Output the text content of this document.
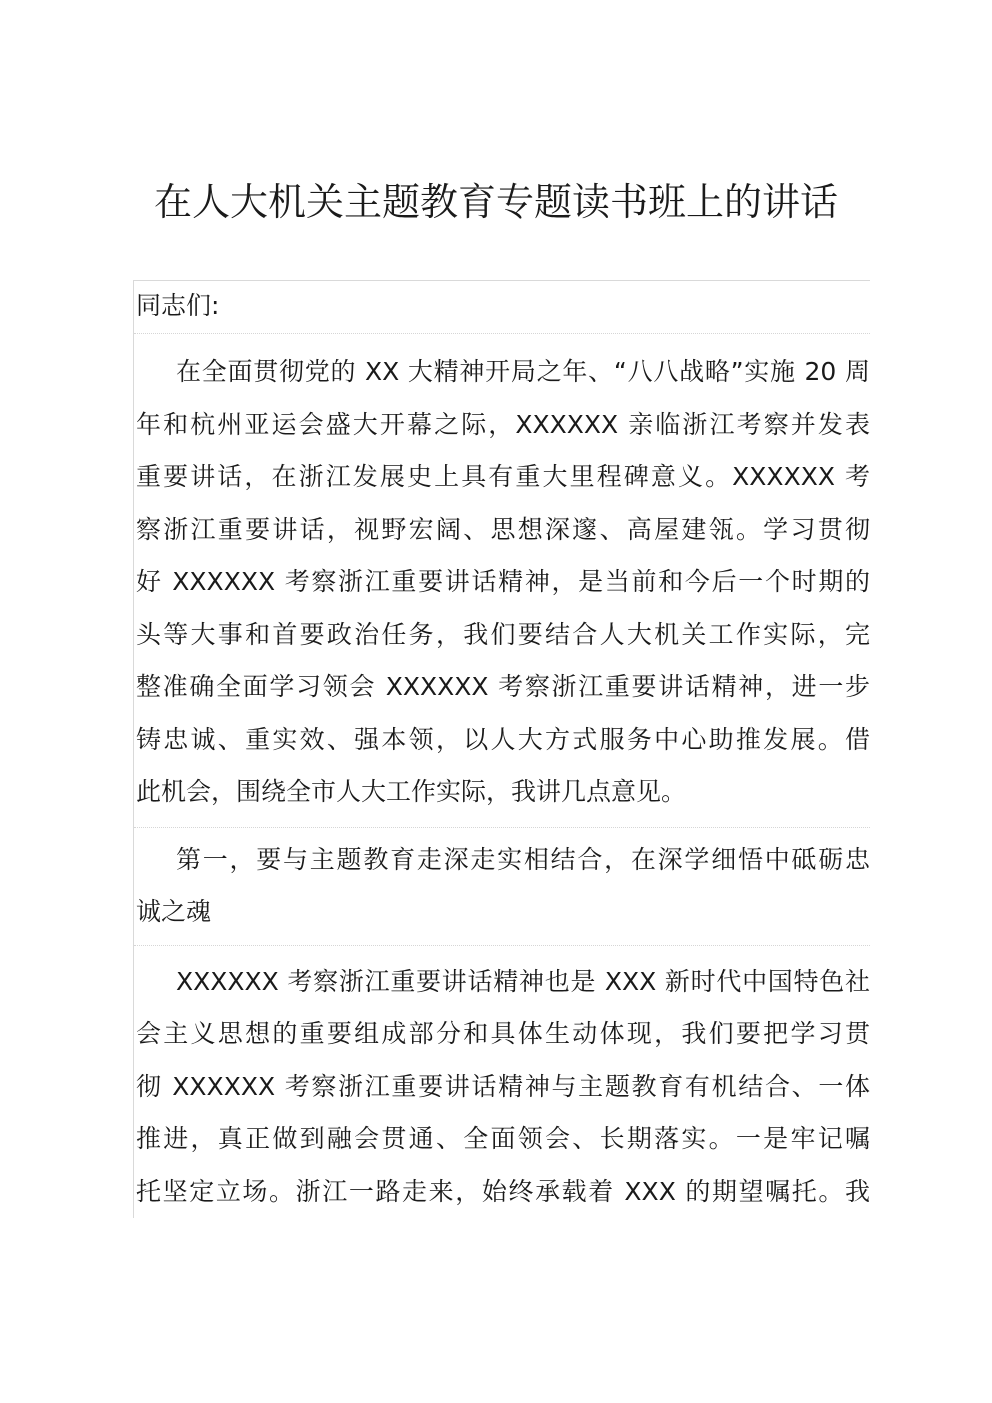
在人大机关主题教育专题读书班上的讲话
同志们:
在全面贯彻党的 XX 大精神开局之年、“八八战略”实施 20 周
年和杭州亚运会盛大开幕之际，XXXXXX 亲临浙江考察并发表
重要讲话，在浙江发展史上具有重大里程碑意义。XXXXXX 考
察浙江重要讲话，视野宏阔、思想深邃、高屋建瓴。学习贯彻
好 XXXXXX 考察浙江重要讲话精神，是当前和今后一个时期的
头等大事和首要政治任务，我们要结合人大机关工作实际，完
整准确全面学习领会 XXXXXX 考察浙江重要讲话精神，进一步
铸忠诚、重实效、强本领，以人大方式服务中心助推发展。借
此机会，围绕全市人大工作实际，我讲几点意见。
第一，要与主题教育走深走实相结合，在深学细悟中砥砺忠
诚之魂
XXXXXX 考察浙江重要讲话精神也是 XXX 新时代中国特色社
会主义思想的重要组成部分和具体生动体现，我们要把学习贯
彻 XXXXXX 考察浙江重要讲话精神与主题教育有机结合、一体
推进，真正做到融会贯通、全面领会、长期落实。一是牢记嘱
托坚定立场。浙江一路走来，始终承载着 XXX 的期望嘱托。我
